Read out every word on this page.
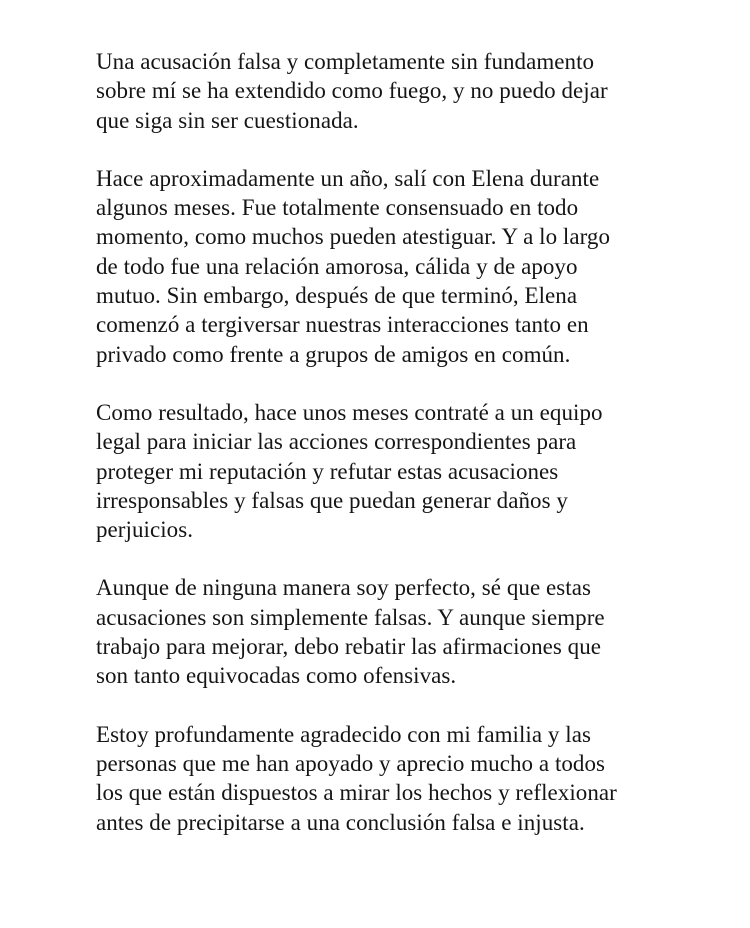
Una acusación falsa y completamente sin fundamento
sobre mí se ha extendido como fuego, y no puedo dejar
que siga sin ser cuestionada.

Hace aproximadamente un año, salí con Elena durante
algunos meses. Fue totalmente consensuado en todo
momento, como muchos pueden atestiguar. Y a lo largo
de todo fue una relación amorosa, cálida y de apoyo
mutuo. Sin embargo, después de que terminó, Elena
comenzó a tergiversar nuestras interacciones tanto en
privado como frente a grupos de amigos en común.

Como resultado, hace unos meses contraté a un equipo
legal para iniciar las acciones correspondientes para
proteger mi reputación y refutar estas acusaciones
irresponsables y falsas que puedan generar daños y
perjuicios.

Aunque de ninguna manera soy perfecto, sé que estas
acusaciones son simplemente falsas. Y aunque siempre
trabajo para mejorar, debo rebatir las afirmaciones que
son tanto equivocadas como ofensivas.

Estoy profundamente agradecido con mi familia y las
personas que me han apoyado y aprecio mucho a todos
los que están dispuestos a mirar los hechos y reflexionar
antes de precipitarse a una conclusión falsa e injusta.
